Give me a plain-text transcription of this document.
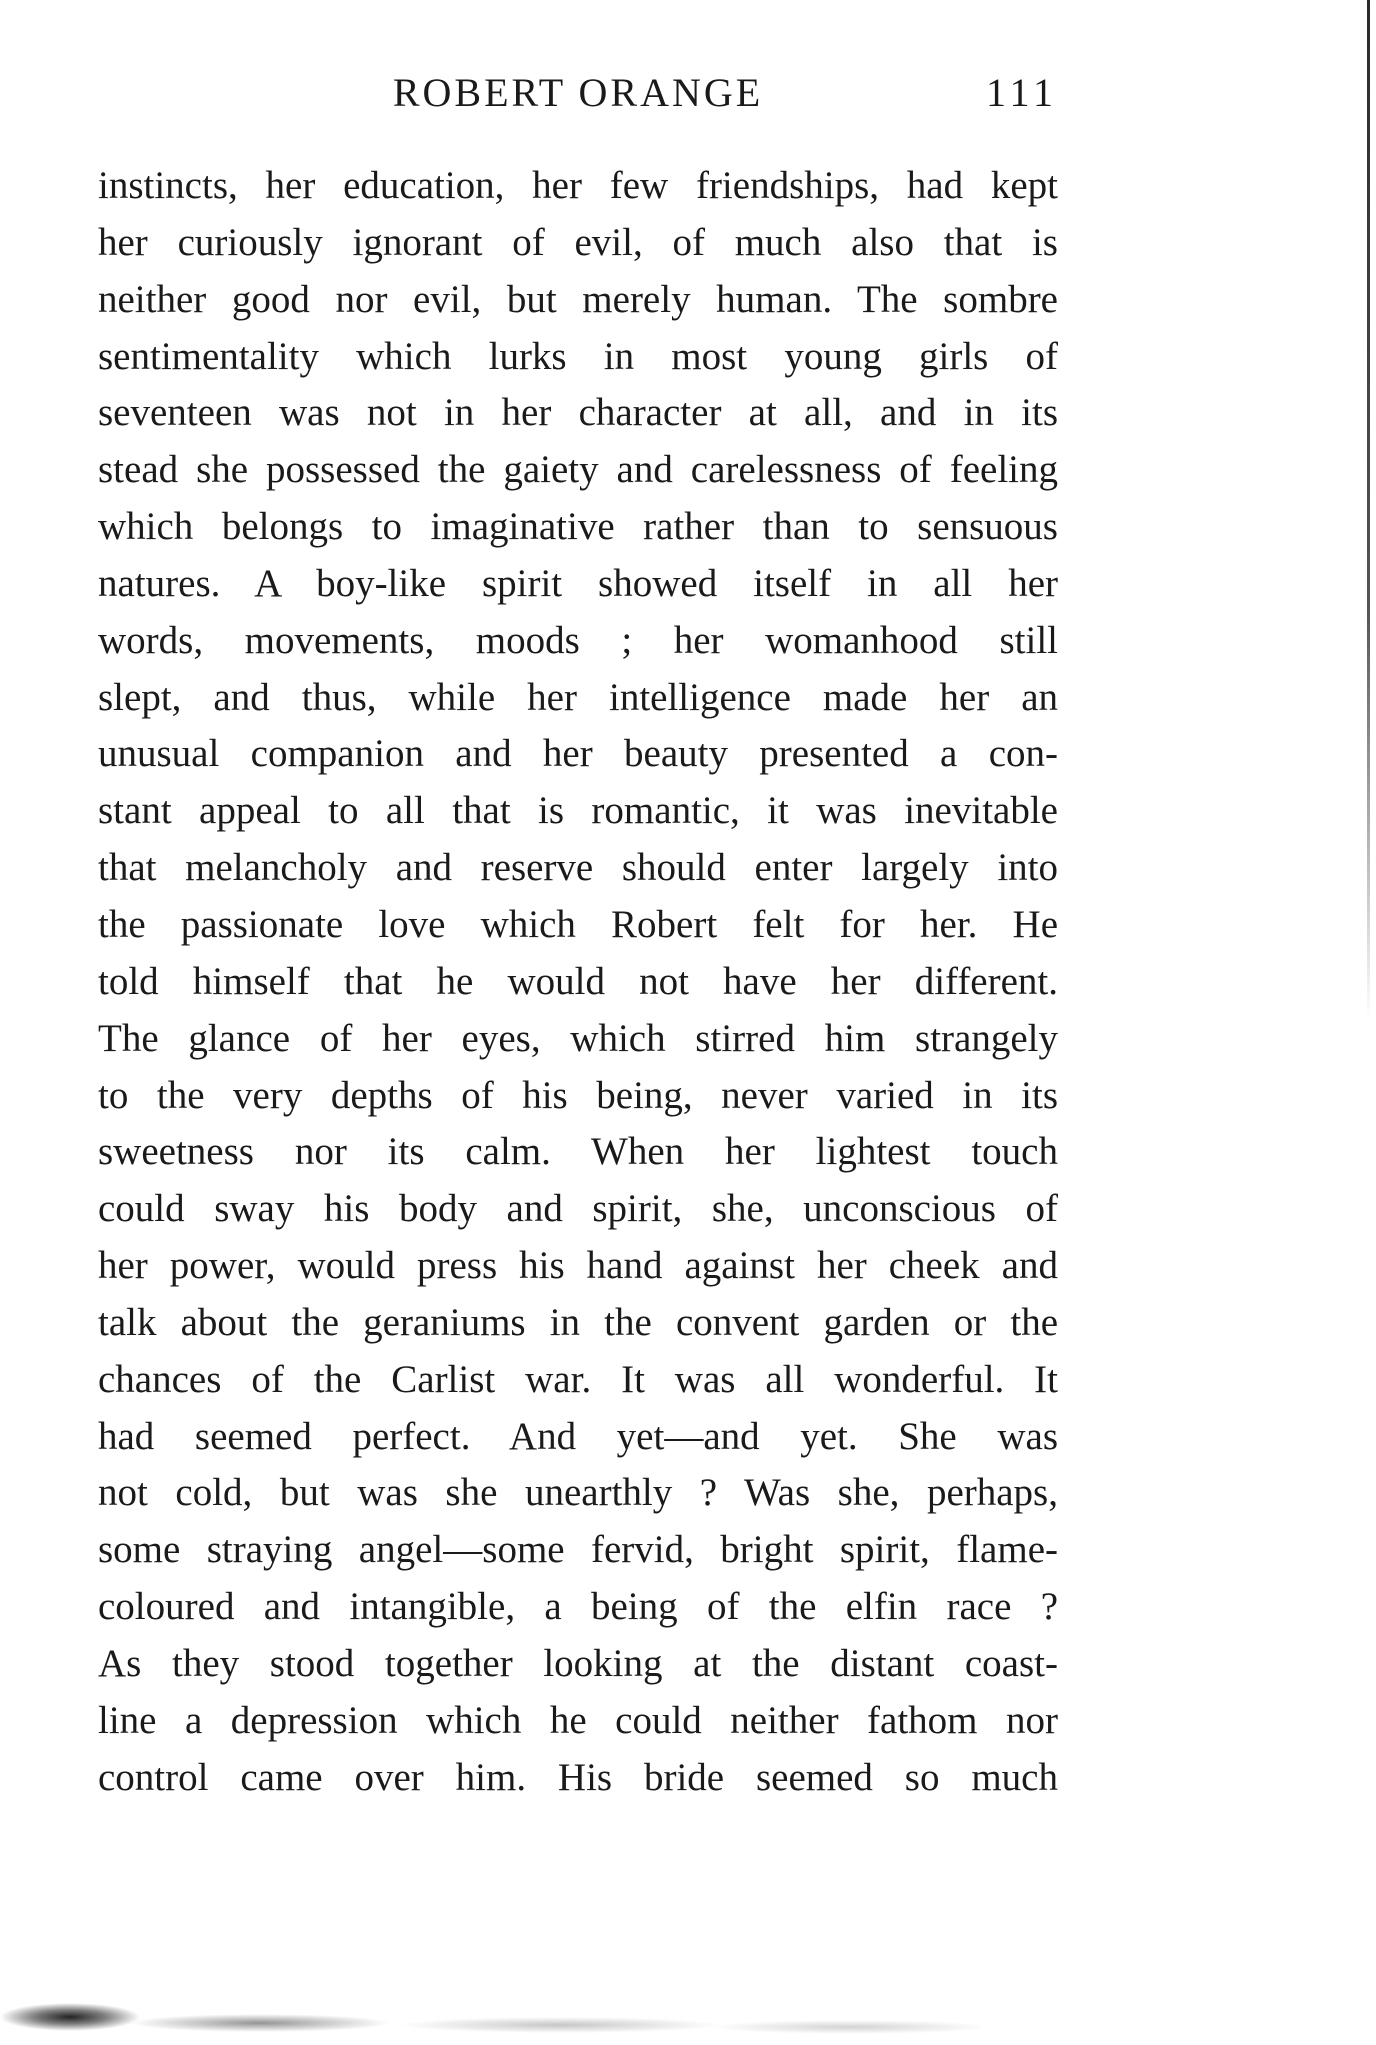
ROBERT ORANGE	111
instincts, her education, her few friendships, had kept
her curiously ignorant of evil, of much also that is
neither good nor evil, but merely human. The sombre
sentimentality which lurks in most young girls of
seventeen was not in her character at all, and in its
stead she possessed the gaiety and carelessness of feeling
which belongs to imaginative rather than to sensuous
natures. A boy-like spirit showed itself in all her
words, movements, moods ; her womanhood still
slept, and thus, while her intelligence made her an
unusual companion and her beauty presented a con-
stant appeal to all that is romantic, it was inevitable
that melancholy and reserve should enter largely into
the passionate love which Robert felt for her. He
told himself that he would not have her different.
The glance of her eyes, which stirred him strangely
to the very depths of his being, never varied in its
sweetness nor its calm. When her lightest touch
could sway his body and spirit, she, unconscious of
her power, would press his hand against her cheek and
talk about the geraniums in the convent garden or the
chances of the Carlist war. It was all wonderful. It
had seemed perfect. And yet—and yet. She was
not cold, but was she unearthly ? Was she, perhaps,
some straying angel—some fervid, bright spirit, flame-
coloured and intangible, a being of the elfin race ?
As they stood together looking at the distant coast-
line a depression which he could neither fathom nor
control came over him. His bride seemed so much
